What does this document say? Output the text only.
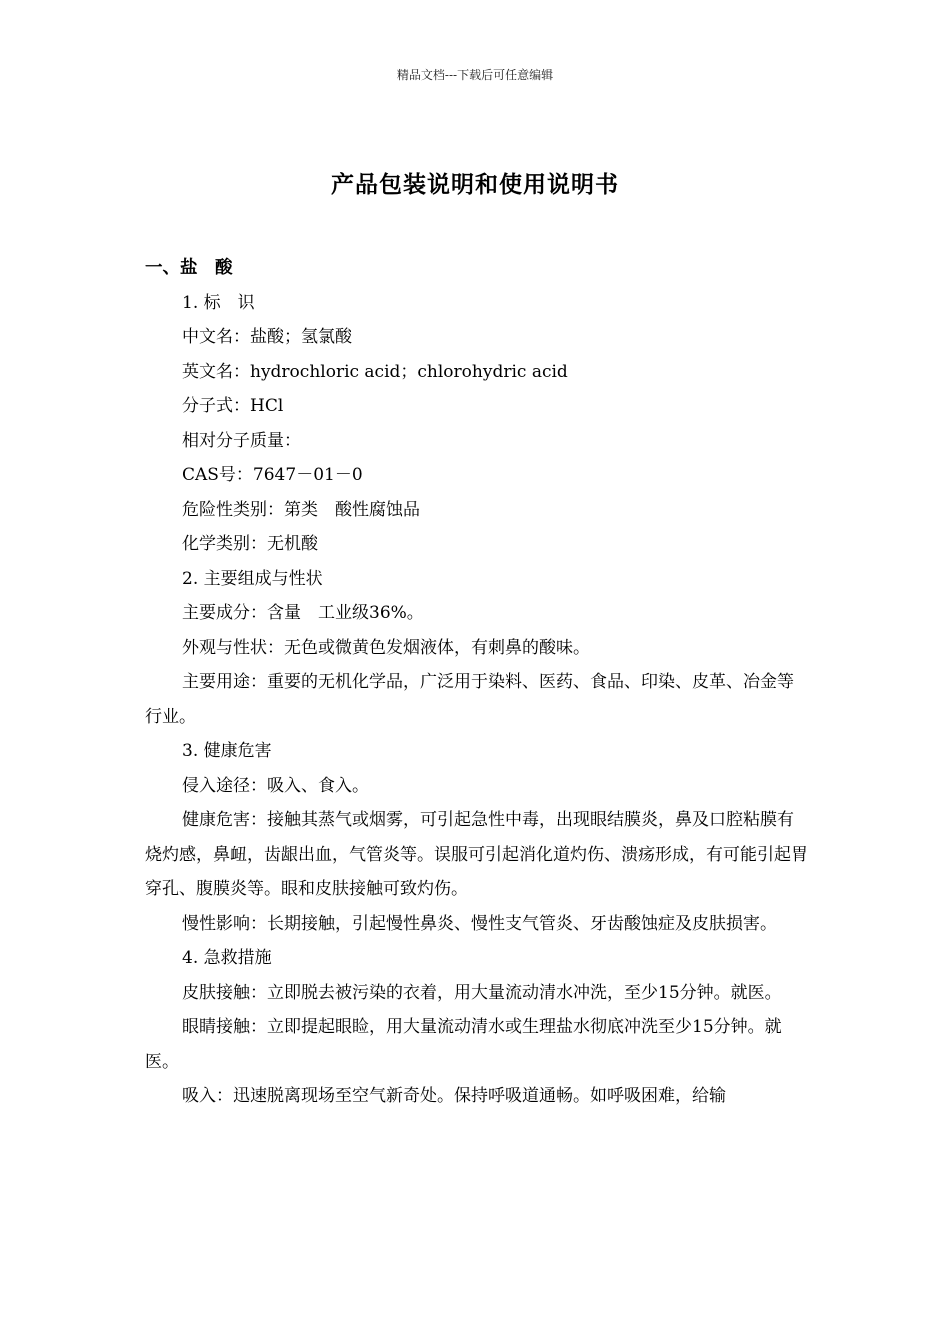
精品文档---下载后可任意编辑
产品包装说明和使用说明书

一、盐　酸

1. 标　识

中文名：盐酸；氢氯酸

英文名：hydrochloric acid；chlorohydric acid

分子式：HCl

相对分子质量：

CAS号：7647－01－0

危险性类别：第类　酸性腐蚀品

化学类别：无机酸

2. 主要组成与性状

主要成分：含量　工业级36%。

外观与性状：无色或微黄色发烟液体，有刺鼻的酸味。

主要用途：重要的无机化学品，广泛用于染料、医药、食品、印染、皮革、冶金等行业。

3. 健康危害

侵入途径：吸入、食入。

健康危害：接触其蒸气或烟雾，可引起急性中毒，出现眼结膜炎，鼻及口腔粘膜有烧灼感，鼻衄，齿龈出血，气管炎等。误服可引起消化道灼伤、溃疡形成，有可能引起胃穿孔、腹膜炎等。眼和皮肤接触可致灼伤。

慢性影响：长期接触，引起慢性鼻炎、慢性支气管炎、牙齿酸蚀症及皮肤损害。

4. 急救措施

皮肤接触：立即脱去被污染的衣着，用大量流动清水冲洗，至少15分钟。就医。

眼睛接触：立即提起眼睑，用大量流动清水或生理盐水彻底冲洗至少15分钟。就医。

吸入：迅速脱离现场至空气新奇处。保持呼吸道通畅。如呼吸困难，给输
